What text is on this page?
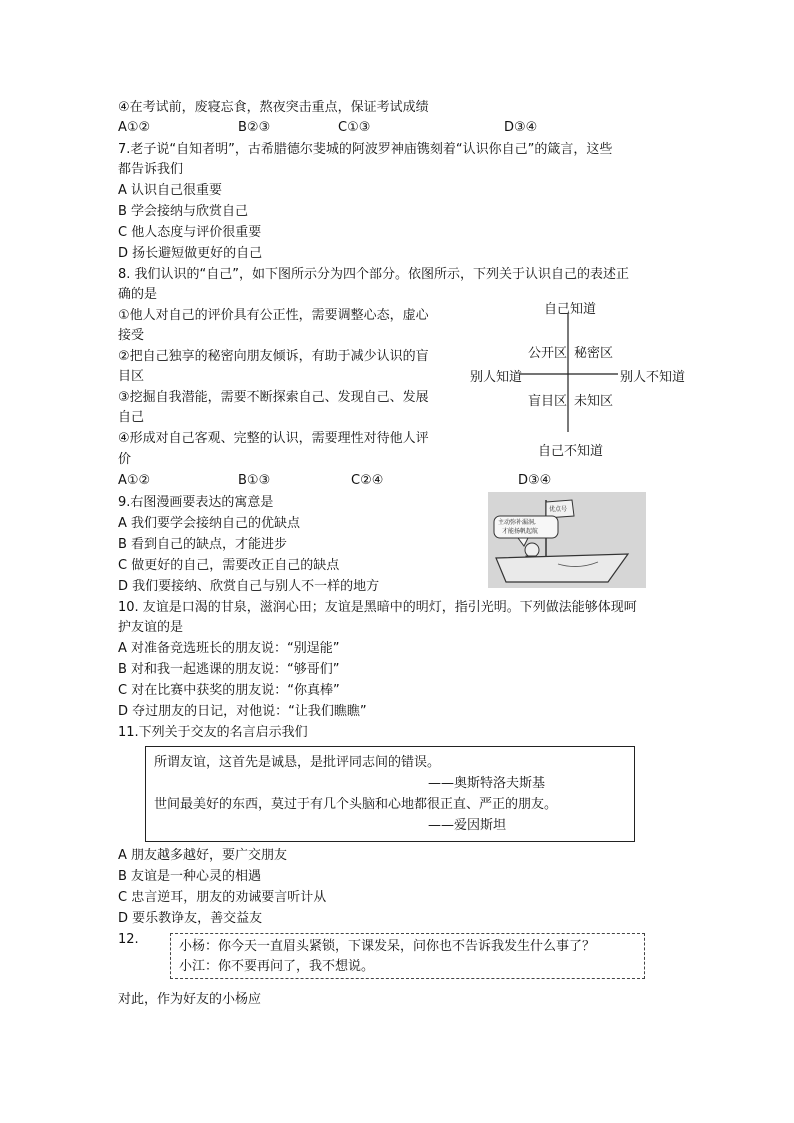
④在考试前，废寝忘食，熬夜突击重点，保证考试成绩
A①②	B②③	C①③	D③④
7.老子说“自知者明”，古希腊德尔斐城的阿波罗神庙镌刻着“认识你自己”的箴言，这些
都告诉我们
A 认识自己很重要
B 学会接纳与欣赏自己
C 他人态度与评价很重要
D 扬长避短做更好的自己
8. 我们认识的“自己”，如下图所示分为四个部分。依图所示，下列关于认识自己的表述正
确的是
①他人对自己的评价具有公正性，需要调整心态，虚心
接受
②把自己独享的秘密向朋友倾诉，有助于减少认识的盲
目区
③挖掘自我潜能，需要不断探索自己、发现自己、发展
自己
④形成对自己客观、完整的认识，需要理性对待他人评
价
A①②	B①③	C②④	D③④
自己知道
自己不知道
别人知道	别人不知道
公开区 秘密区
盲目区 未知区
9.右图漫画要表达的寓意是
A 我们要学会接纳自己的优缺点
B 看到自己的缺点，才能进步
C 做更好的自己，需要改正自己的缺点
D 我们要接纳、欣赏自己与别人不一样的地方
优点号
主动弥补漏洞,
才能扬帆起航
10. 友谊是口渴的甘泉，滋润心田；友谊是黑暗中的明灯，指引光明。下列做法能够体现呵
护友谊的是
A 对准备竞选班长的朋友说：“别逞能”
B 对和我一起逃课的朋友说：“够哥们”
C 对在比赛中获奖的朋友说：“你真棒”
D 夺过朋友的日记，对他说：“让我们瞧瞧”
11.下列关于交友的名言启示我们
所谓友谊，这首先是诚恳，是批评同志间的错误。
——奥斯特洛夫斯基
世间最美好的东西，莫过于有几个头脑和心地都很正直、严正的朋友。
——爱因斯坦
A 朋友越多越好，要广交朋友
B 友谊是一种心灵的相遇
C 忠言逆耳，朋友的劝诫要言听计从
D 要乐教诤友，善交益友
12.	小杨：你今天一直眉头紧锁，下课发呆，问你也不告诉我发生什么事了？
小江：你不要再问了，我不想说。
对此，作为好友的小杨应
